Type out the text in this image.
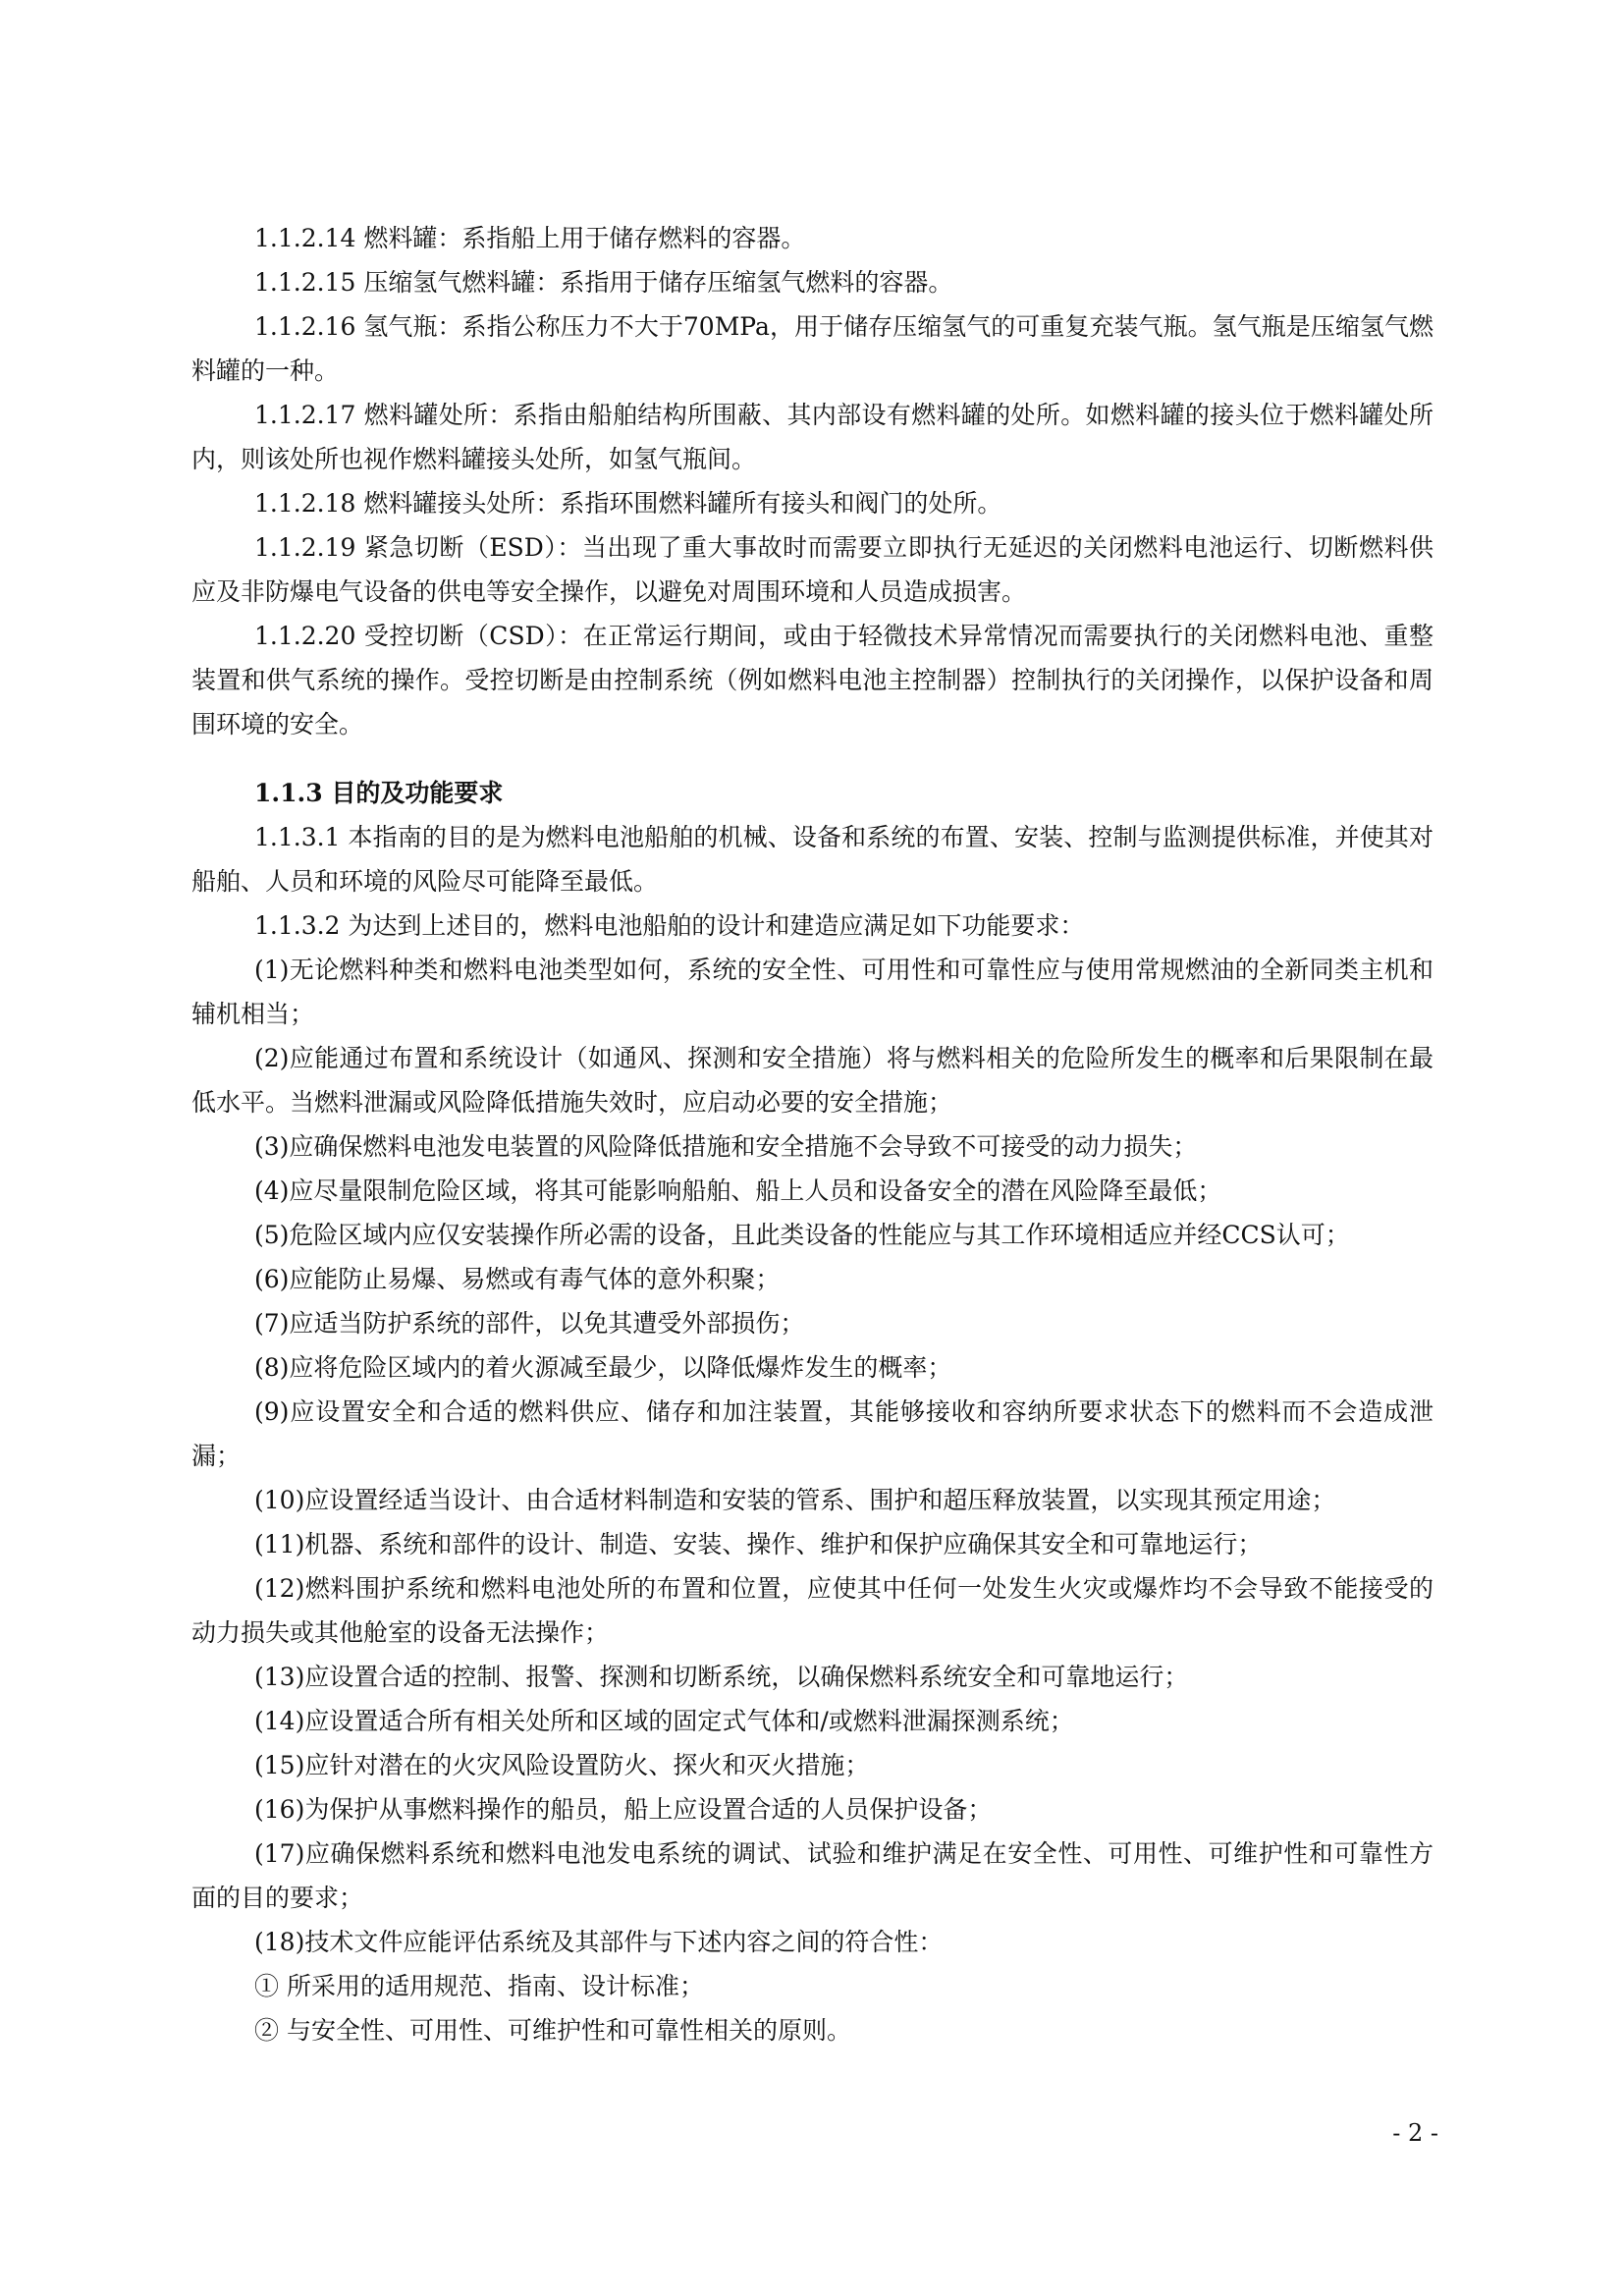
1.1.2.14 燃料罐：系指船上用于储存燃料的容器。

1.1.2.15 压缩氢气燃料罐：系指用于储存压缩氢气燃料的容器。

1.1.2.16 氢气瓶：系指公称压力不大于70MPa，用于储存压缩氢气的可重复充装气瓶。氢气瓶是压缩氢气燃料罐的一种。

1.1.2.17 燃料罐处所：系指由船舶结构所围蔽、其内部设有燃料罐的处所。如燃料罐的接头位于燃料罐处所内，则该处所也视作燃料罐接头处所，如氢气瓶间。

1.1.2.18 燃料罐接头处所：系指环围燃料罐所有接头和阀门的处所。

1.1.2.19 紧急切断（ESD）：当出现了重大事故时而需要立即执行无延迟的关闭燃料电池运行、切断燃料供应及非防爆电气设备的供电等安全操作，以避免对周围环境和人员造成损害。

1.1.2.20 受控切断（CSD）：在正常运行期间，或由于轻微技术异常情况而需要执行的关闭燃料电池、重整装置和供气系统的操作。受控切断是由控制系统（例如燃料电池主控制器）控制执行的关闭操作，以保护设备和周围环境的安全。

1.1.3 目的及功能要求

1.1.3.1 本指南的目的是为燃料电池船舶的机械、设备和系统的布置、安装、控制与监测提供标准，并使其对船舶、人员和环境的风险尽可能降至最低。

1.1.3.2 为达到上述目的，燃料电池船舶的设计和建造应满足如下功能要求：

(1)无论燃料种类和燃料电池类型如何，系统的安全性、可用性和可靠性应与使用常规燃油的全新同类主机和辅机相当；

(2)应能通过布置和系统设计（如通风、探测和安全措施）将与燃料相关的危险所发生的概率和后果限制在最低水平。当燃料泄漏或风险降低措施失效时，应启动必要的安全措施；

(3)应确保燃料电池发电装置的风险降低措施和安全措施不会导致不可接受的动力损失；

(4)应尽量限制危险区域，将其可能影响船舶、船上人员和设备安全的潜在风险降至最低；

(5)危险区域内应仅安装操作所必需的设备，且此类设备的性能应与其工作环境相适应并经CCS认可；

(6)应能防止易爆、易燃或有毒气体的意外积聚；

(7)应适当防护系统的部件，以免其遭受外部损伤；

(8)应将危险区域内的着火源减至最少，以降低爆炸发生的概率；

(9)应设置安全和合适的燃料供应、储存和加注装置，其能够接收和容纳所要求状态下的燃料而不会造成泄漏；

(10)应设置经适当设计、由合适材料制造和安装的管系、围护和超压释放装置，以实现其预定用途；

(11)机器、系统和部件的设计、制造、安装、操作、维护和保护应确保其安全和可靠地运行；

(12)燃料围护系统和燃料电池处所的布置和位置，应使其中任何一处发生火灾或爆炸均不会导致不能接受的动力损失或其他舱室的设备无法操作；

(13)应设置合适的控制、报警、探测和切断系统，以确保燃料系统安全和可靠地运行；

(14)应设置适合所有相关处所和区域的固定式气体和/或燃料泄漏探测系统；

(15)应针对潜在的火灾风险设置防火、探火和灭火措施；

(16)为保护从事燃料操作的船员，船上应设置合适的人员保护设备；

(17)应确保燃料系统和燃料电池发电系统的调试、试验和维护满足在安全性、可用性、可维护性和可靠性方面的目的要求；

(18)技术文件应能评估系统及其部件与下述内容之间的符合性：

① 所采用的适用规范、指南、设计标准；

② 与安全性、可用性、可维护性和可靠性相关的原则。

- 2 -
